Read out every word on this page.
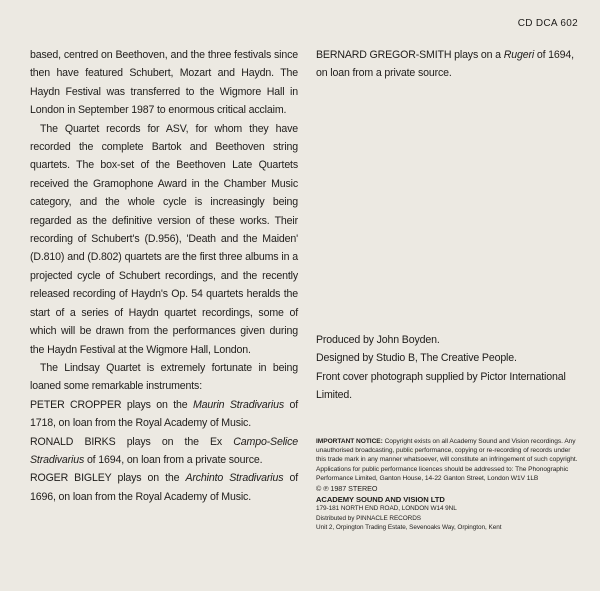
CD DCA 602

based, centred on Beethoven, and the three festivals since then have featured Schubert, Mozart and Haydn. The Haydn Festival was transferred to the Wigmore Hall in London in September 1987 to enormous critical acclaim.

The Quartet records for ASV, for whom they have recorded the complete Bartok and Beethoven string quartets. The box-set of the Beethoven Late Quartets received the Gramophone Award in the Chamber Music category, and the whole cycle is increasingly being regarded as the definitive version of these works. Their recording of Schubert's (D.956), 'Death and the Maiden' (D.810) and (D.802) quartets are the first three albums in a projected cycle of Schubert recordings, and the recently released recording of Haydn's Op. 54 quartets heralds the start of a series of Haydn quartet recordings, some of which will be drawn from the performances given during the Haydn Festival at the Wigmore Hall, London.

The Lindsay Quartet is extremely fortunate in being loaned some remarkable instruments:

PETER CROPPER plays on the Maurin Stradivarius of 1718, on loan from the Royal Academy of Music.

RONALD BIRKS plays on the Ex Campo-Selice Stradivarius of 1694, on loan from a private source.

ROGER BIGLEY plays on the Archinto Stradivarius of 1696, on loan from the Royal Academy of Music.

BERNARD GREGOR-SMITH plays on a Rugeri of 1694, on loan from a private source.

Produced by John Boyden.

Designed by Studio B, The Creative People.

Front cover photograph supplied by Pictor International Limited.

IMPORTANT NOTICE: Copyright exists on all Academy Sound and Vision recordings. Any unauthorised broadcasting, public performance, copying or re-recording of records under this trade mark in any manner whatsoever, will constitute an infringement of such copyright. Applications for public performance licences should be addressed to: The Phonographic Performance Limited, Ganton House, 14-22 Ganton Street, London W1V 1LB

© ℗ 1987 STEREO

ACADEMY SOUND AND VISION LTD

179-181 NORTH END ROAD, LONDON W14 9NL

Distributed by PINNACLE RECORDS

Unit 2, Orpington Trading Estate, Sevenoaks Way, Orpington, Kent
